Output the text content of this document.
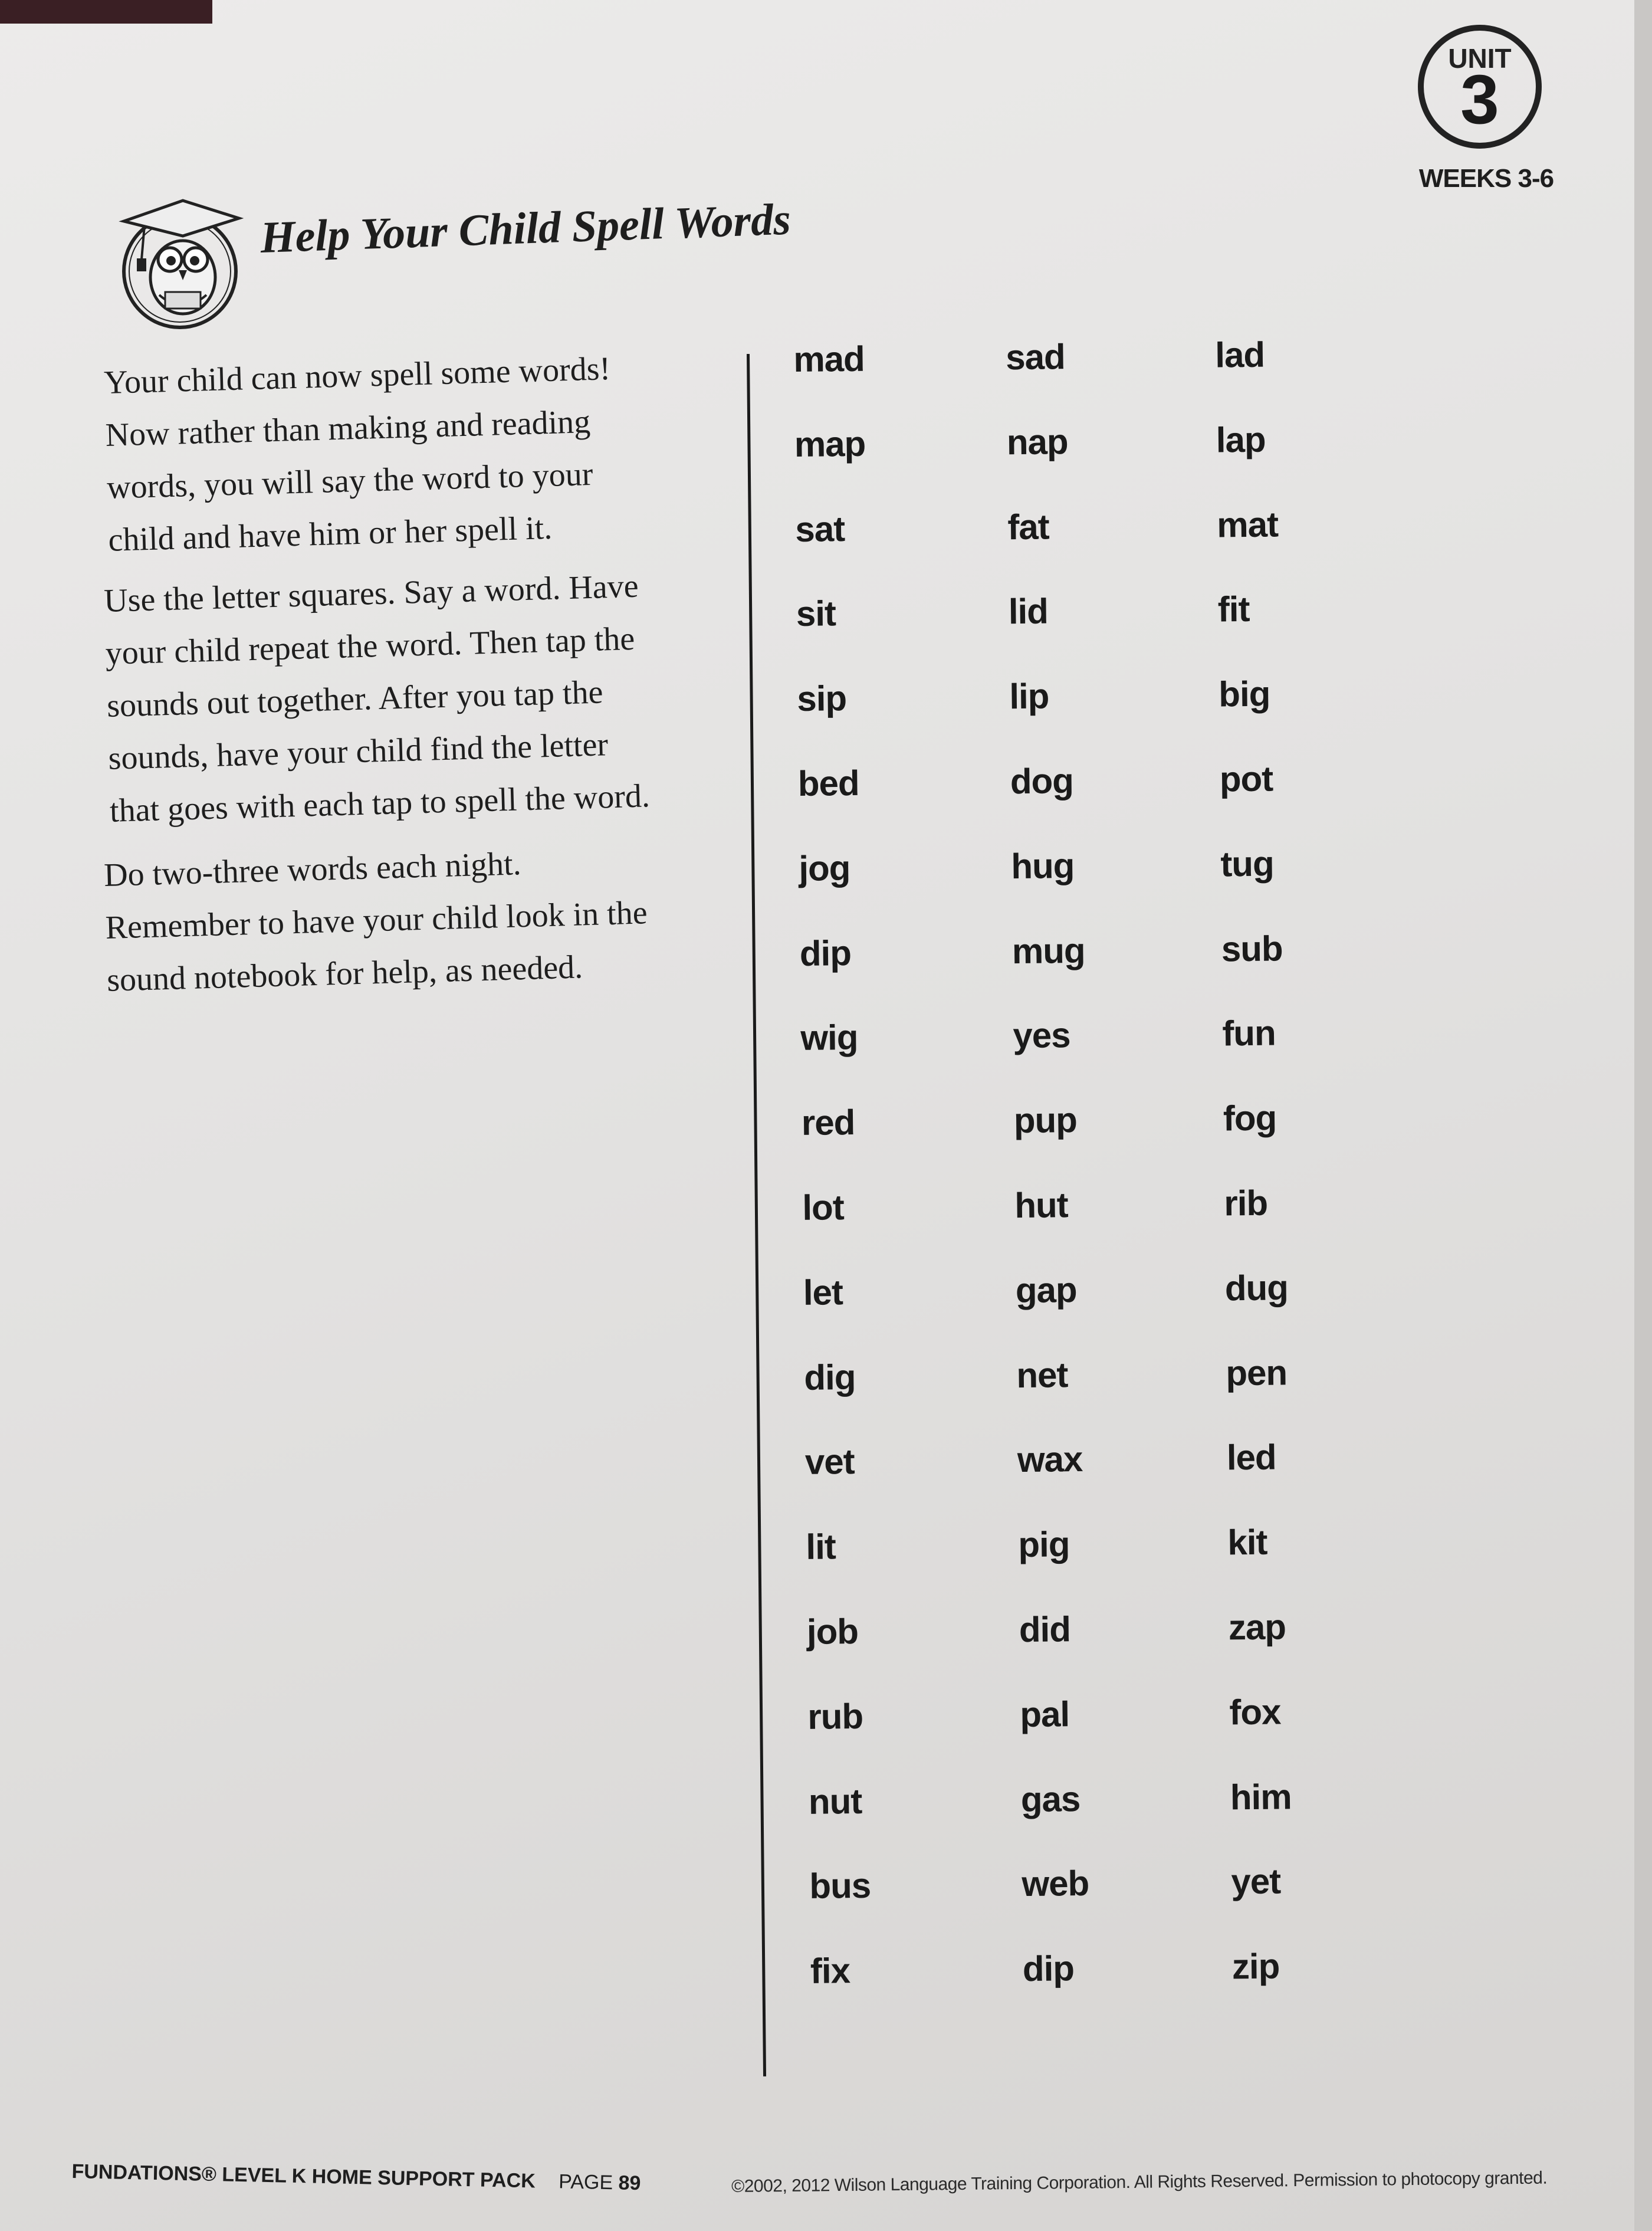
UNIT
3
WEEKS 3-6
Help Your Child Spell Words

Your child can now spell some words!

Now rather than making and reading

words, you will say the word to your

child and have him or her spell it.

Use the letter squares. Say a word. Have

your child repeat the word. Then tap the

sounds out together. After you tap the

sounds, have your child find the letter

that goes with each tap to spell the word.

Do two-three words each night.

Remember to have your child look in the

sound notebook for help, as needed.

mad	sad	lad
map	nap	lap
sat	fat	mat
sit	lid	fit
sip	lip	big
bed	dog	pot
jog	hug	tug
dip	mug	sub
wig	yes	fun
red	pup	fog
lot	hut	rib
let	gap	dug
dig	net	pen
vet	wax	led
lit	pig	kit
job	did	zap
rub	pal	fox
nut	gas	him
bus	web	yet
fix	dip	zip
FUNDATIONS® LEVEL K HOME SUPPORT PACK PAGE 89	©2002, 2012 Wilson Language Training Corporation. All Rights Reserved. Permission to photocopy granted.
